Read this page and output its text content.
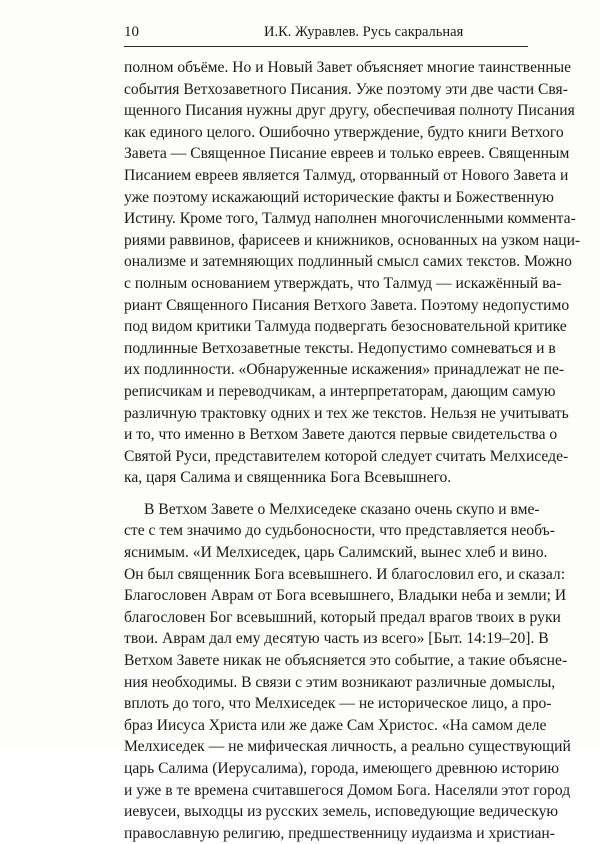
10	И.К. Журавлев. Русь сакральная
полном объёме. Но и Новый Завет объясняет многие таинственные
события Ветхозаветного Писания. Уже поэтому эти две части Свя-
щенного Писания нужны друг другу, обеспечивая полноту Писания
как единого целого. Ошибочно утверждение, будто книги Ветхого
Завета — Священное Писание евреев и только евреев. Священным
Писанием евреев является Талмуд, оторванный от Нового Завета и
уже поэтому искажающий исторические факты и Божественную
Истину. Кроме того, Талмуд наполнен многочисленными коммента-
риями раввинов, фарисеев и книжников, основанных на узком наци-
онализме и затемняющих подлинный смысл самих текстов. Можно
с полным основанием утверждать, что Талмуд — искажённый ва-
риант Священного Писания Ветхого Завета. Поэтому недопустимо
под видом критики Талмуда подвергать безосновательной критике
подлинные Ветхозаветные тексты. Недопустимо сомневаться и в
их подлинности. «Обнаруженные искажения» принадлежат не пе-
реписчикам и переводчикам, а интерпретаторам, дающим самую
различную трактовку одних и тех же текстов. Нельзя не учитывать
и то, что именно в Ветхом Завете даются первые свидетельства о
Святой Руси, представителем которой следует считать Мелхиседе-
ка, царя Салима и священника Бога Всевышнего.
В Ветхом Завете о Мелхиседеке сказано очень скупо и вме-
сте с тем значимо до судьбоносности, что представляется необъ-
яснимым. «И Мелхиседек, царь Салимский, вынес хлеб и вино.
Он был священник Бога всевышнего. И благословил его, и сказал:
Благословен Аврам от Бога всевышнего, Владыки неба и земли; И
благословен Бог всевышний, который предал врагов твоих в руки
твои. Аврам дал ему десятую часть из всего» [Быт. 14:19–20]. В
Ветхом Завете никак не объясняется это событие, а такие объясне-
ния необходимы. В связи с этим возникают различные домыслы,
вплоть до того, что Мелхиседек — не историческое лицо, а про-
браз Иисуса Христа или же даже Сам Христос. «На самом деле
Мелхиседек — не мифическая личность, а реально существующий
царь Салима (Иерусалима), города, имеющего древнюю историю
и уже в те времена считавшегося Домом Бога. Населяли этот город
иевусеи, выходцы из русских земель, исповедующие ведическую
православную религию, предшественницу иудаизма и христиан-
